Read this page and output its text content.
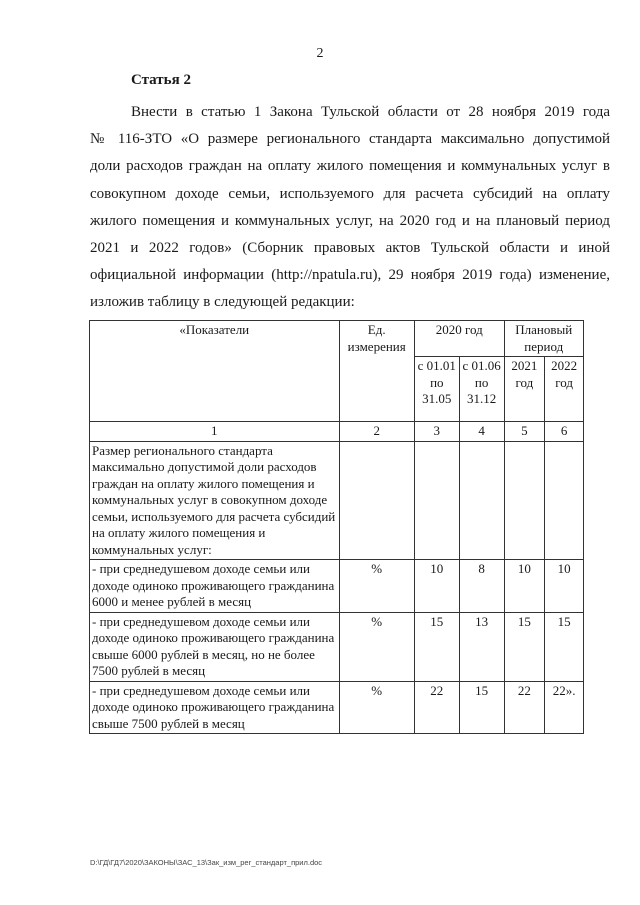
2
Статья 2
Внести в статью 1 Закона Тульской области от 28 ноября 2019 года
№ 116-ЗТО «О размере регионального стандарта максимально допустимой
доли расходов граждан на оплату жилого помещения и коммунальных услуг в
совокупном доходе семьи, используемого для расчета субсидий на оплату
жилого помещения и коммунальных услуг, на 2020 год и на плановый период
2021 и 2022 годов» (Сборник правовых актов Тульской области и иной
официальной информации (http://npatula.ru), 29 ноября 2019 года) изменение,
изложив таблицу в следующей редакции:
«Показатели	Ед. измерения	2020 год		Плановый период	
		с 01.01 по 31.05	с 01.06 по 31.12	2021 год	2022 год
1	2	3	4	5	6
Размер регионального стандарта максимально допустимой доли расходов граждан на оплату жилого помещения и коммунальных услуг в совокупном доходе семьи, используемого для расчета субсидий на оплату жилого помещения и коммунальных услуг:					
- при среднедушевом доходе семьи или доходе одиноко проживающего гражданина 6000 и менее рублей в месяц	%	10	8	10	10
- при среднедушевом доходе семьи или доходе одиноко проживающего гражданина свыше 6000 рублей в месяц, но не более 7500 рублей в месяц	%	15	13	15	15
- при среднедушевом доходе семьи или доходе одиноко проживающего гражданина свыше 7500 рублей в месяц	%	22	15	22	22».
D:\ГД\ГД7\2020\ЗАКОНЫ\ЗАС_13\Зак_изм_рег_стандарт_прил.doc
